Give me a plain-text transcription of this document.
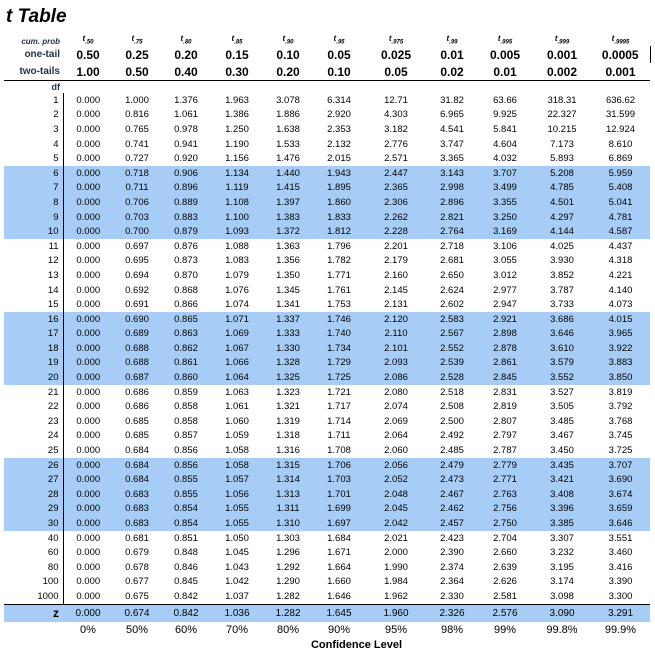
t Table
cum. prob	$t_{.50}$	$t_{.75}$	$t_{.80}$	$t_{.85}$	$t_{.90}$	$t_{.95}$	$t_{.975}$	$t_{.99}$	$t_{.995}$	$t_{.999}$	$t_{.9995}$
one-tail	0.50	0.25	0.20	0.15	0.10	0.05	0.025	0.01	0.005	0.001	0.0005
two-tails	1.00	0.50	0.40	0.30	0.20	0.10	0.05	0.02	0.01	0.002	0.001
df											
1	0.000	1.000	1.376	1.963	3.078	6.314	12.71	31.82	63.66	318.31	636.62
2	0.000	0.816	1.061	1.386	1.886	2.920	4.303	6.965	9.925	22.327	31.599
3	0.000	0.765	0.978	1.250	1.638	2.353	3.182	4.541	5.841	10.215	12.924
4	0.000	0.741	0.941	1.190	1.533	2.132	2.776	3.747	4.604	7.173	8.610
5	0.000	0.727	0.920	1.156	1.476	2.015	2.571	3.365	4.032	5.893	6.869
6	0.000	0.718	0.906	1.134	1.440	1.943	2.447	3.143	3.707	5.208	5.959
7	0.000	0.711	0.896	1.119	1.415	1.895	2.365	2.998	3.499	4.785	5.408
8	0.000	0.706	0.889	1.108	1.397	1.860	2.306	2.896	3.355	4.501	5.041
9	0.000	0.703	0.883	1.100	1.383	1.833	2.262	2.821	3.250	4.297	4.781
10	0.000	0.700	0.879	1.093	1.372	1.812	2.228	2.764	3.169	4.144	4.587
11	0.000	0.697	0.876	1.088	1.363	1.796	2.201	2.718	3.106	4.025	4.437
12	0.000	0.695	0.873	1.083	1.356	1.782	2.179	2.681	3.055	3.930	4.318
13	0.000	0.694	0.870	1.079	1.350	1.771	2.160	2.650	3.012	3.852	4.221
14	0.000	0.692	0.868	1.076	1.345	1.761	2.145	2.624	2.977	3.787	4.140
15	0.000	0.691	0.866	1.074	1.341	1.753	2.131	2.602	2.947	3.733	4.073
16	0.000	0.690	0.865	1.071	1.337	1.746	2.120	2.583	2.921	3.686	4.015
17	0.000	0.689	0.863	1.069	1.333	1.740	2.110	2.567	2.898	3.646	3.965
18	0.000	0.688	0.862	1.067	1.330	1.734	2.101	2.552	2.878	3.610	3.922
19	0.000	0.688	0.861	1.066	1.328	1.729	2.093	2.539	2.861	3.579	3.883
20	0.000	0.687	0.860	1.064	1.325	1.725	2.086	2.528	2.845	3.552	3.850
21	0.000	0.686	0.859	1.063	1.323	1.721	2.080	2.518	2.831	3.527	3.819
22	0.000	0.686	0.858	1.061	1.321	1.717	2.074	2.508	2.819	3.505	3.792
23	0.000	0.685	0.858	1.060	1.319	1.714	2.069	2.500	2.807	3.485	3.768
24	0.000	0.685	0.857	1.059	1.318	1.711	2.064	2.492	2.797	3.467	3.745
25	0.000	0.684	0.856	1.058	1.316	1.708	2.060	2.485	2.787	3.450	3.725
26	0.000	0.684	0.856	1.058	1.315	1.706	2.056	2.479	2.779	3.435	3.707
27	0.000	0.684	0.855	1.057	1.314	1.703	2.052	2.473	2.771	3.421	3.690
28	0.000	0.683	0.855	1.056	1.313	1.701	2.048	2.467	2.763	3.408	3.674
29	0.000	0.683	0.854	1.055	1.311	1.699	2.045	2.462	2.756	3.396	3.659
30	0.000	0.683	0.854	1.055	1.310	1.697	2.042	2.457	2.750	3.385	3.646
40	0.000	0.681	0.851	1.050	1.303	1.684	2.021	2.423	2.704	3.307	3.551
60	0.000	0.679	0.848	1.045	1.296	1.671	2.000	2.390	2.660	3.232	3.460
80	0.000	0.678	0.846	1.043	1.292	1.664	1.990	2.374	2.639	3.195	3.416
100	0.000	0.677	0.845	1.042	1.290	1.660	1.984	2.364	2.626	3.174	3.390
1000	0.000	0.675	0.842	1.037	1.282	1.646	1.962	2.330	2.581	3.098	3.300
z	0.000	0.674	0.842	1.036	1.282	1.645	1.960	2.326	2.576	3.090	3.291
	0%	50%	60%	70%	80%	90%	95%	98%	99%	99.8%	99.9%
	Confidence Level										
